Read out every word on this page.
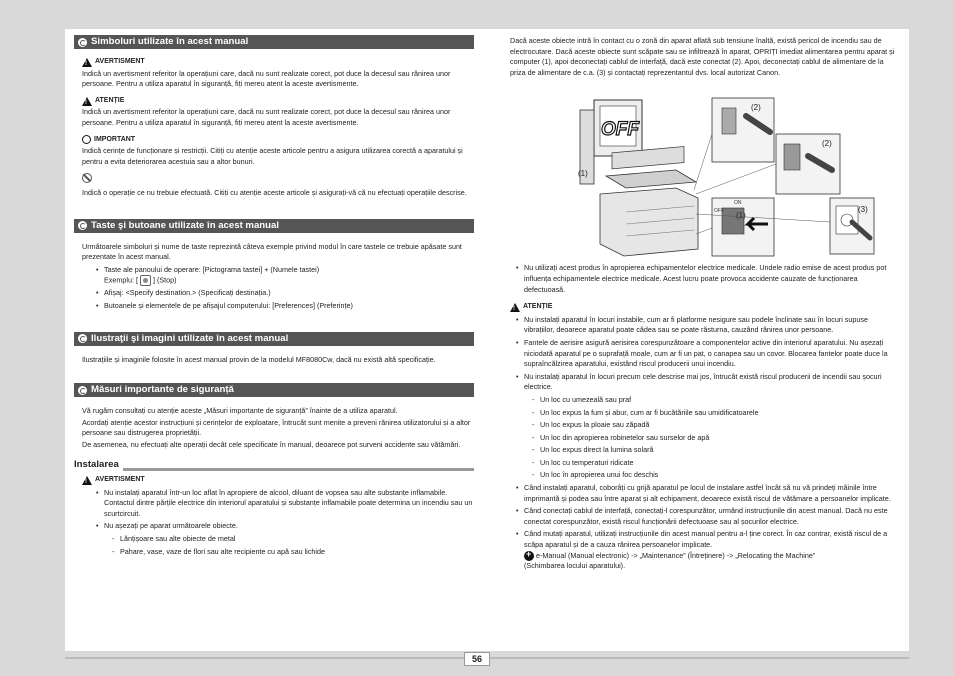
56
Simboluri utilizate în acest manual
!
AVERTISMENT
Indică un avertisment referitor la operațiuni care, dacă nu sunt realizate corect, pot duce la decesul sau rănirea unor persoane. Pentru a utiliza aparatul în siguranță, fiți mereu atent la aceste avertismente.
!
ATENȚIE
Indică un avertisment referitor la operațiuni care, dacă nu sunt realizate corect, pot duce la decesul sau rănirea unor persoane. Pentru a utiliza aparatul în siguranță, fiți mereu atent la aceste avertismente.
IMPORTANT
Indică cerințe de funcționare și restricții. Citiți cu atenție aceste articole pentru a asigura utilizarea corectă a aparatului și pentru a evita deteriorarea acestuia sau a altor bunuri.
Indică o operație ce nu trebuie efectuată. Citiți cu atenție aceste articole și asigurați-vă că nu efectuați operațiile descrise.
Taste şi butoane utilizate în acest manual
Următoarele simboluri și nume de taste reprezintă câteva exemple privind modul în care tastele ce trebuie apăsate sunt prezentate în acest manual.
• Taste ale panoului de operare: [Pictograma tastei] + (Numele tastei)
Exemplu: [ ] (Stop)
• Afișaj: <Specify destination.> (Specificați destinația.)
• Butoanele și elementele de pe afișajul computerului: [Preferences] (Preferințe)
Ilustraţii şi imagini utilizate în acest manual
Ilustrațiile și imaginile folosite în acest manual provin de la modelul MF8080Cw, dacă nu există altă specificație.
Măsuri importante de siguranță
Vă rugăm consultați cu atenție aceste „Măsuri importante de siguranță” înainte de a utiliza aparatul.
Acordați atenție acestor instrucțiuni și cerințelor de exploatare, întrucât sunt menite a preveni rănirea utilizatorului și a altor persoane sau distrugerea proprietății.
De asemenea, nu efectuați alte operații decât cele specificate în manual, deoarece pot surveni accidente sau vătămări.
Instalarea
!
AVERTISMENT
• Nu instalați aparatul într-un loc aflat în apropiere de alcool, diluant de vopsea sau alte substanțe inflamabile. Contactul dintre părțile electrice din interiorul aparatului și substanțe inflamabile poate determina un incendiu sau un scurtcircuit.
• Nu așezați pe aparat următoarele obiecte.
- Lănțișoare sau alte obiecte de metal
- Pahare, vase, vaze de flori sau alte recipiente cu apă sau lichide
Dacă aceste obiecte intră în contact cu o zonă din aparat aflată sub tensiune înaltă, există pericol de incendiu sau de electrocutare. Dacă aceste obiecte sunt scăpate sau se infiltrează în aparat, OPRIȚI imediat alimentarea pentru aparat și computer (1), apoi deconectați cablul de interfață, dacă este conectat (2). Apoi, deconectați cablul de alimentare de la priza de alimentare de c.a. (3) și contactați reprezentantul dvs. local autorizat Canon.
OFF
(2)
(2)
OFF
ON
(1)
(3)
(1)
• Nu utilizați acest produs în apropierea echipamentelor electrice medicale. Undele radio emise de acest produs pot influența echipamentele electrice medicale. Acest lucru poate provoca accidente cauzate de funcționarea defectuoasă.
!
ATENȚIE
• Nu instalați aparatul în locuri instabile, cum ar fi platforme nesigure sau podele înclinate sau în locuri supuse vibrațiilor, deoarece aparatul poate cădea sau se poate răsturna, cauzând rănirea unor persoane.
• Fantele de aerisire asigură aerisirea corespunzătoare a componentelor active din interiorul aparatului. Nu așezați niciodată aparatul pe o suprafață moale, cum ar fi un pat, o canapea sau un covor. Blocarea fantelor poate duce la supraîncălzirea aparatului, existând riscul producerii unui incendiu.
• Nu instalați aparatul în locuri precum cele descrise mai jos, întrucât există riscul producerii de incendii sau șocuri electrice.
- Un loc cu umezeală sau praf
- Un loc expus la fum și abur, cum ar fi bucătăriile sau umidificatoarele
- Un loc expus la ploaie sau zăpadă
- Un loc din apropierea robinetelor sau surselor de apă
- Un loc expus direct la lumina solară
- Un loc cu temperaturi ridicate
- Un loc în apropierea unui foc deschis
• Când instalați aparatul, coborâți cu grijă aparatul pe locul de instalare astfel încât să nu vă prindeți mâinile între imprimantă și podea sau între aparat și alt echipament, deoarece există riscul de vătămare a persoanelor implicate.
• Când conectați cablul de interfață, conectați-l corespunzător, urmând instrucțiunile din acest manual. Dacă nu este conectat corespunzător, există riscul funcționării defectuoase sau al șocurilor electrice.
• Când mutați aparatul, utilizați instrucțiunile din acest manual pentru a-l ține corect. În caz contrar, există riscul de a scăpa aparatul și de a cauza rănirea persoanelor implicate.
+ e-Manual (Manual electronic) -> „Maintenance” (Întreținere) -> „Relocating the Machine”
(Schimbarea locului aparatului).
